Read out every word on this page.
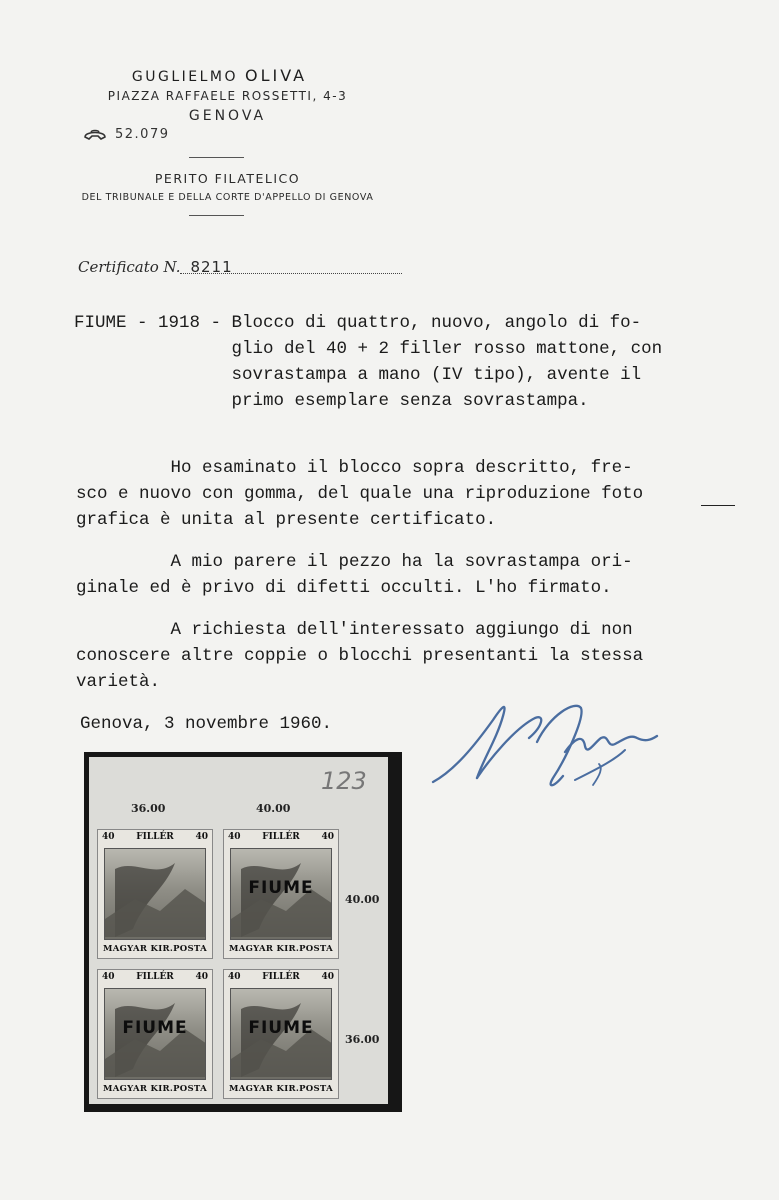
GUGLIELMO OLIVA
PIAZZA RAFFAELE ROSSETTI, 4-3
GENOVA
52.079
PERITO FILATELICO
DEL TRIBUNALE E DELLA CORTE D'APPELLO DI GENOVA
Certificato N. 8211
FIUME - 1918 - Blocco di quattro, nuovo, angolo di fo-
glio del 40 + 2 filler rosso mattone, con
sovrastampa a mano (IV tipo), avente il
primo esemplare senza sovrastampa.
Ho esaminato il blocco sopra descritto, fre-
sco e nuovo con gomma, del quale una riproduzione foto
grafica è unita al presente certificato.
A mio parere il pezzo ha la sovrastampa ori-
ginale ed è privo di difetti occulti. L'ho firmato.
A richiesta dell'interessato aggiungo di non
conoscere altre coppie o blocchi presentanti la stessa
varietà.
Genova, 3 novembre 1960.
36.00	40.00
123
40.00
36.00
40 FILLÉR 40
MAGYAR KIR.POSTA
40 FILLÉR 40
FIUME
MAGYAR KIR.POSTA
40 FILLÉR 40
FIUME
MAGYAR KIR.POSTA
40 FILLÉR 40
FIUME
MAGYAR KIR.POSTA
